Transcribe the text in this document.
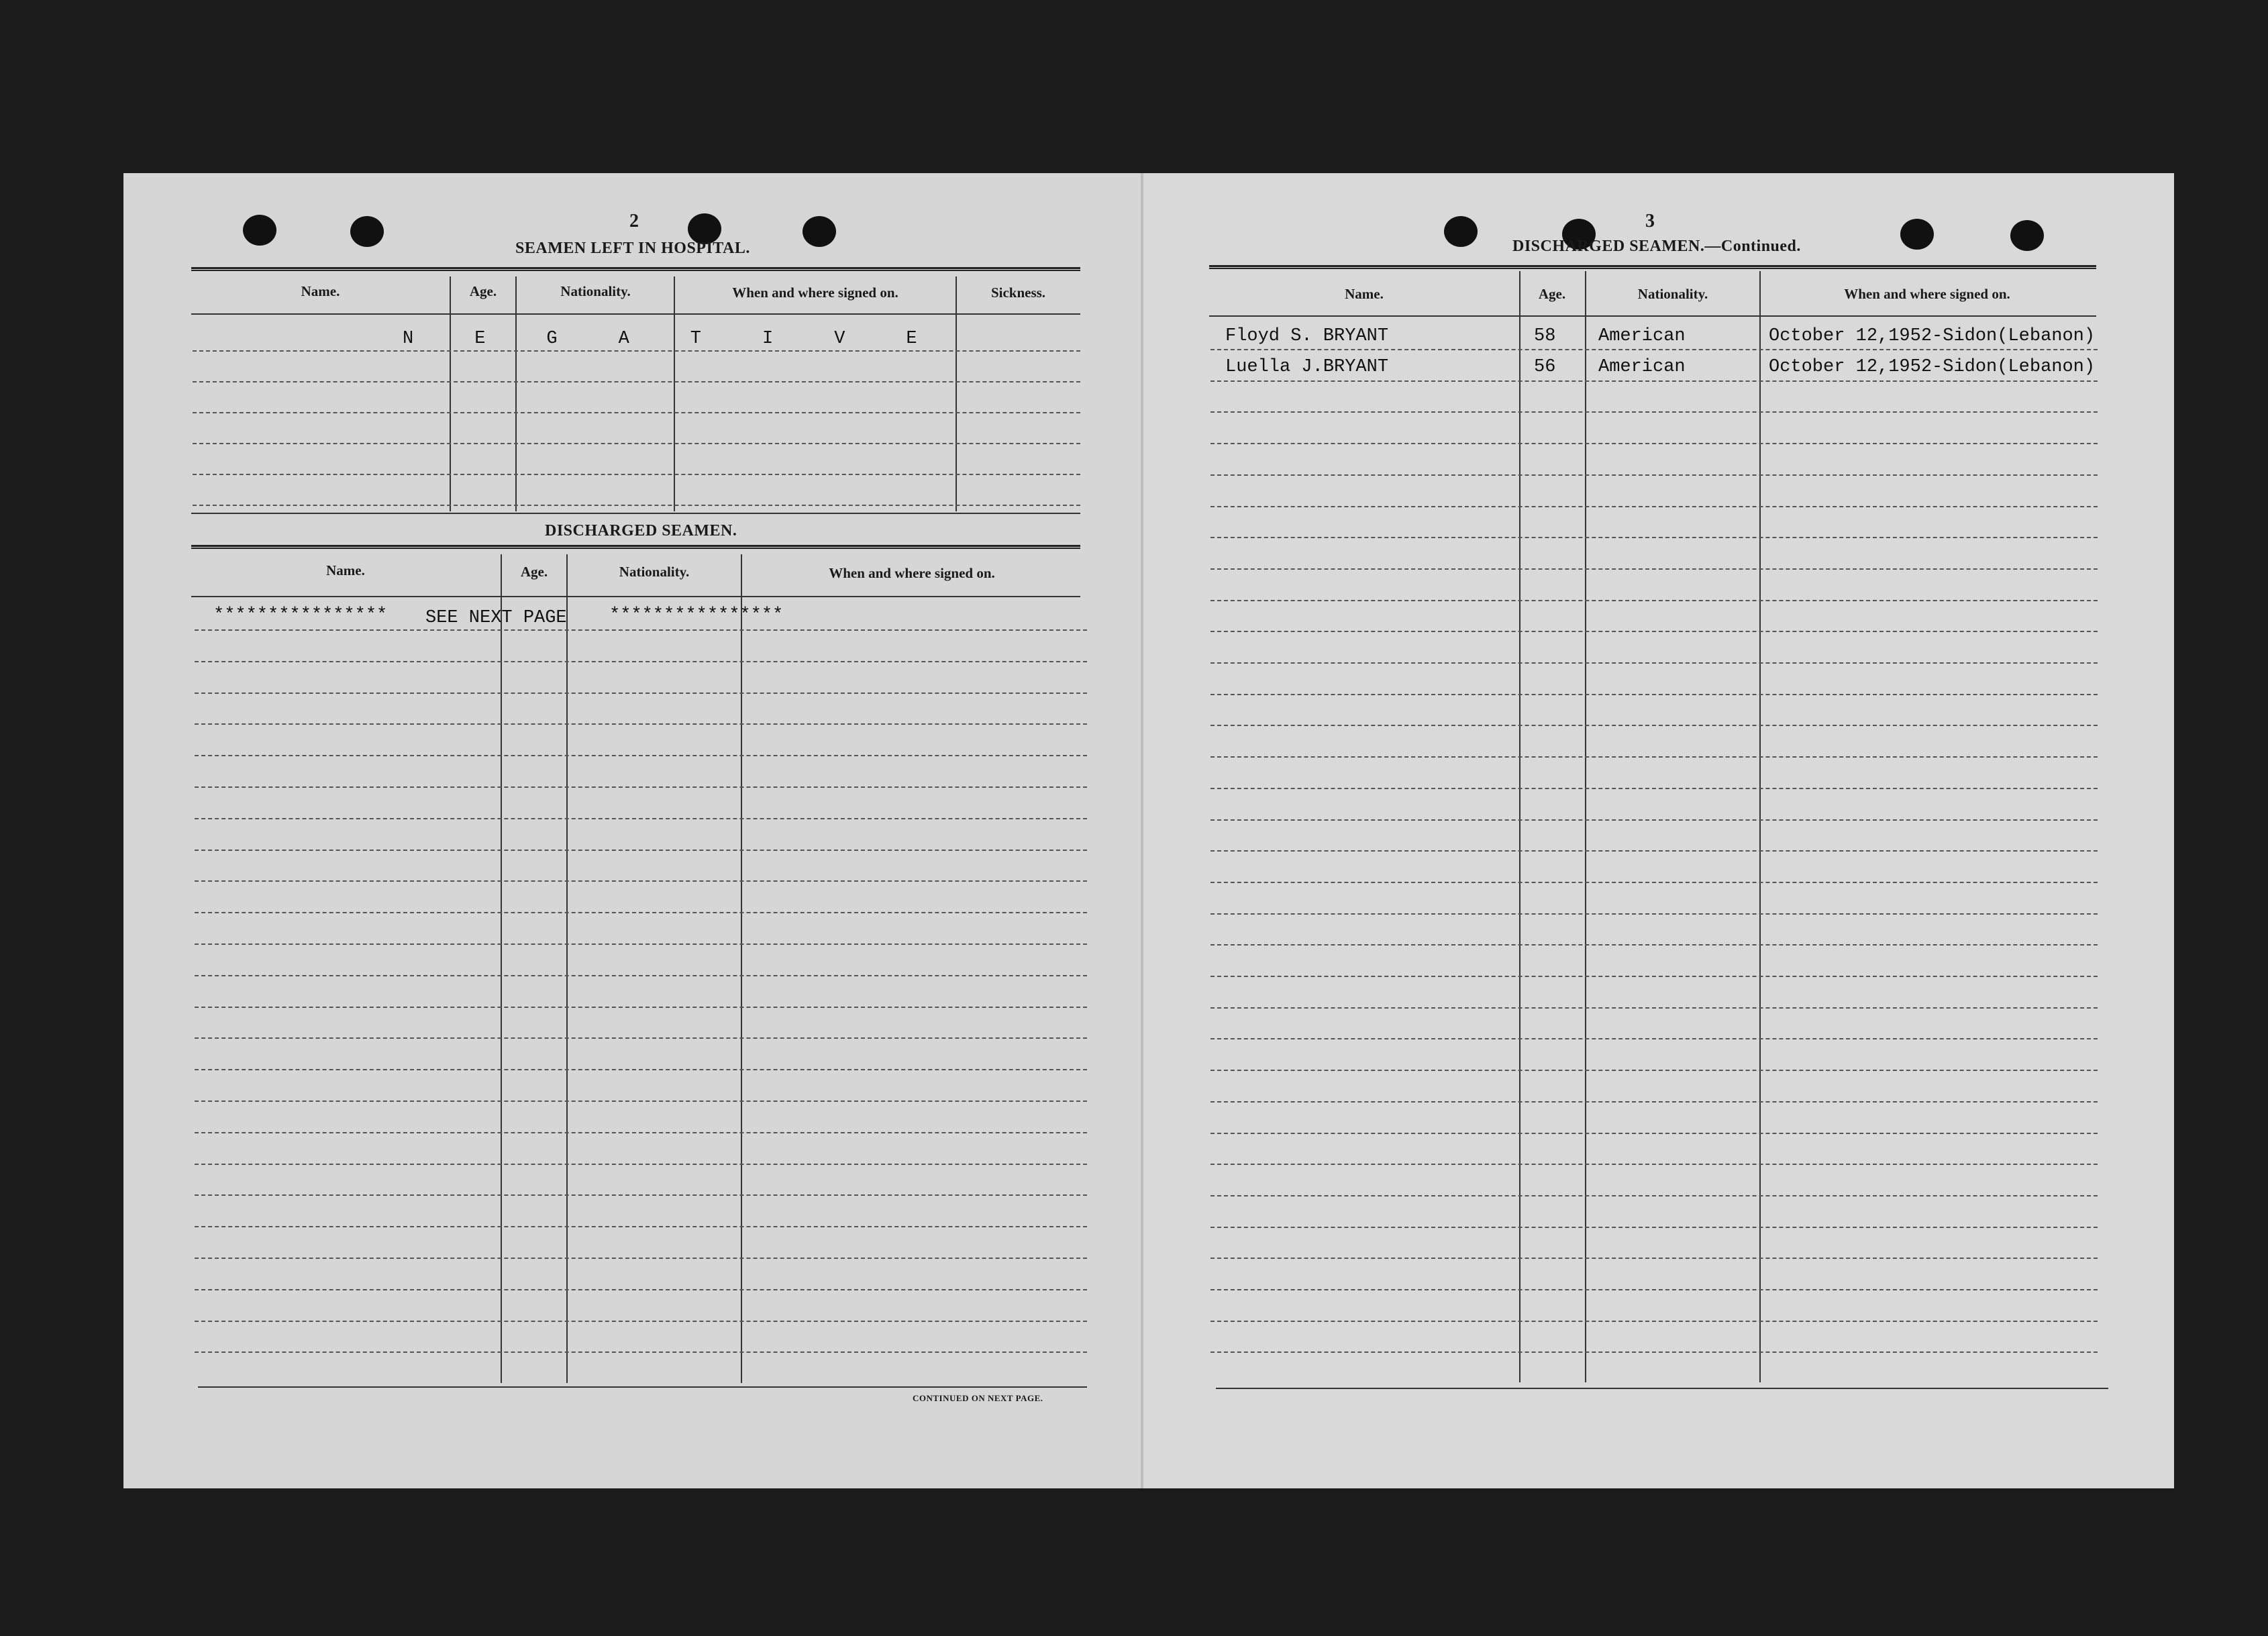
2
SEAMEN LEFT IN HOSPITAL.
Name.	Age.	Nationality.	When and where signed on.	Sickness.
NEGATIVE
DISCHARGED SEAMEN.
Name.	Age.	Nationality.	When and where signed on.
**************** SEE NEXT PAGE ****************
CONTINUED ON NEXT PAGE.
3
DISCHARGED SEAMEN.—Continued.
Name.	Age.	Nationality.	When and where signed on.
Floyd S. BRYANT	58 American	October 12,1952-Sidon(Lebanon)
Luella J.BRYANT	56 American	October 12,1952-Sidon(Lebanon)
